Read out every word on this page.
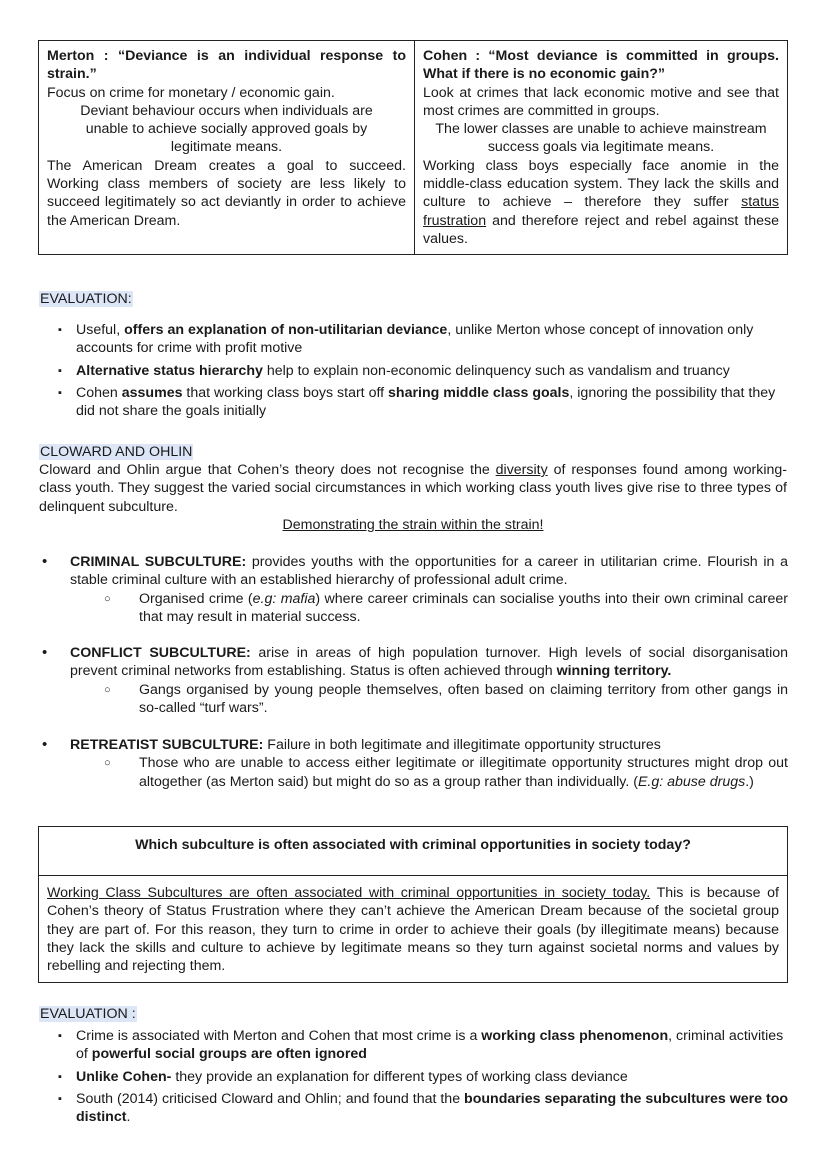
Merton : “Deviance is an individual response to strain.”
Focus on crime for monetary / economic gain.
Deviant behaviour occurs when individuals are unable to achieve socially approved goals by legitimate means.
The American Dream creates a goal to succeed. Working class members of society are less likely to succeed legitimately so act deviantly in order to achieve the American Dream.

Cohen : “Most deviance is committed in groups. What if there is no economic gain?”
Look at crimes that lack economic motive and see that most crimes are committed in groups.
The lower classes are unable to achieve mainstream success goals via legitimate means.
Working class boys especially face anomie in the middle-class education system. They lack the skills and culture to achieve – therefore they suffer status frustration and therefore reject and rebel against these values.
EVALUATION:
▪ Useful, offers an explanation of non-utilitarian deviance, unlike Merton whose concept of innovation only accounts for crime with profit motive
▪ Alternative status hierarchy help to explain non-economic delinquency such as vandalism and truancy
▪ Cohen assumes that working class boys start off sharing middle class goals, ignoring the possibility that they did not share the goals initially
CLOWARD AND OHLIN
Cloward and Ohlin argue that Cohen’s theory does not recognise the diversity of responses found among working-class youth. They suggest the varied social circumstances in which working class youth lives give rise to three types of delinquent subculture.
Demonstrating the strain within the strain!
• CRIMINAL SUBCULTURE: provides youths with the opportunities for a career in utilitarian crime. Flourish in a stable criminal culture with an established hierarchy of professional adult crime.
○ Organised crime (e.g: mafia) where career criminals can socialise youths into their own criminal career that may result in material success.
• CONFLICT SUBCULTURE: arise in areas of high population turnover. High levels of social disorganisation prevent criminal networks from establishing. Status is often achieved through winning territory.
○ Gangs organised by young people themselves, often based on claiming territory from other gangs in so-called “turf wars”.
• RETREATIST SUBCULTURE: Failure in both legitimate and illegitimate opportunity structures
○ Those who are unable to access either legitimate or illegitimate opportunity structures might drop out altogether (as Merton said) but might do so as a group rather than individually. (E.g: abuse drugs.)
Which subculture is often associated with criminal opportunities in society today?
Working Class Subcultures are often associated with criminal opportunities in society today. This is because of Cohen’s theory of Status Frustration where they can’t achieve the American Dream because of the societal group they are part of. For this reason, they turn to crime in order to achieve their goals (by illegitimate means) because they lack the skills and culture to achieve by legitimate means so they turn against societal norms and values by rebelling and rejecting them.
EVALUATION :
▪ Crime is associated with Merton and Cohen that most crime is a working class phenomenon, criminal activities of powerful social groups are often ignored
▪ Unlike Cohen- they provide an explanation for different types of working class deviance
▪ South (2014) criticised Cloward and Ohlin; and found that the boundaries separating the subcultures were too distinct.
